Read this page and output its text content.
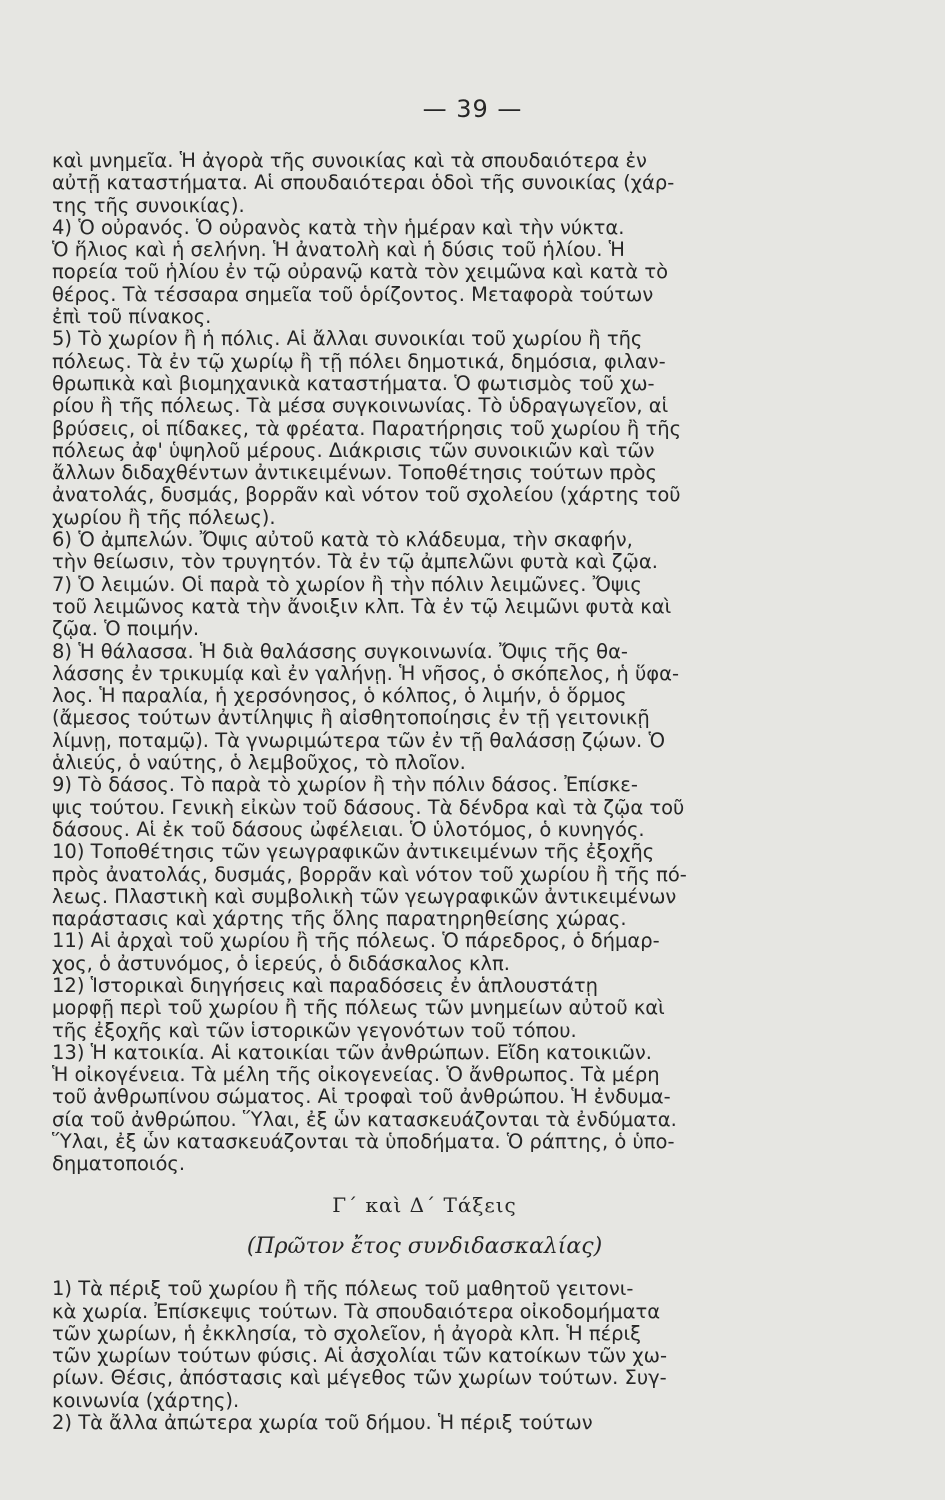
— 39 —
καὶ μνημεῖα. Ἡ ἀγορὰ τῆς συνοικίας καὶ τὰ σπουδαιότερα ἐν
αὐτῇ καταστήματα. Αἱ σπουδαιότεραι ὁδοὶ τῆς συνοικίας (χάρ-
της τῆς συνοικίας).
4) Ὁ οὐρανός. Ὁ οὐρανὸς κατὰ τὴν ἡμέραν καὶ τὴν νύκτα.
Ὁ ἥλιος καὶ ἡ σελήνη. Ἡ ἀνατολὴ καὶ ἡ δύσις τοῦ ἡλίου. Ἡ
πορεία τοῦ ἡλίου ἐν τῷ οὐρανῷ κατὰ τὸν χειμῶνα καὶ κατὰ τὸ
θέρος. Τὰ τέσσαρα σημεῖα τοῦ ὁρίζοντος. Μεταφορὰ τούτων
ἐπὶ τοῦ πίνακος.
5) Τὸ χωρίον ἢ ἡ πόλις. Αἱ ἄλλαι συνοικίαι τοῦ χωρίου ἢ τῆς
πόλεως. Τὰ ἐν τῷ χωρίῳ ἢ τῇ πόλει δημοτικά, δημόσια, φιλαν-
θρωπικὰ καὶ βιομηχανικὰ καταστήματα. Ὁ φωτισμὸς τοῦ χω-
ρίου ἢ τῆς πόλεως. Τὰ μέσα συγκοινωνίας. Τὸ ὑδραγωγεῖον, αἱ
βρύσεις, οἱ πίδακες, τὰ φρέατα. Παρατήρησις τοῦ χωρίου ἢ τῆς
πόλεως ἀφ' ὑψηλοῦ μέρους. Διάκρισις τῶν συνοικιῶν καὶ τῶν
ἄλλων διδαχθέντων ἀντικειμένων. Τοποθέτησις τούτων πρὸς
ἀνατολάς, δυσμάς, βορρᾶν καὶ νότον τοῦ σχολείου (χάρτης τοῦ
χωρίου ἢ τῆς πόλεως).
6) Ὁ ἀμπελών. Ὄψις αὐτοῦ κατὰ τὸ κλάδευμα, τὴν σκαφήν,
τὴν θείωσιν, τὸν τρυγητόν. Τὰ ἐν τῷ ἀμπελῶνι φυτὰ καὶ ζῷα.
7) Ὁ λειμών. Οἱ παρὰ τὸ χωρίον ἢ τὴν πόλιν λειμῶνες. Ὄψις
τοῦ λειμῶνος κατὰ τὴν ἄνοιξιν κλπ. Τὰ ἐν τῷ λειμῶνι φυτὰ καὶ
ζῷα. Ὁ ποιμήν.
8) Ἡ θάλασσα. Ἡ διὰ θαλάσσης συγκοινωνία. Ὄψις τῆς θα-
λάσσης ἐν τρικυμίᾳ καὶ ἐν γαλήνῃ. Ἡ νῆσος, ὁ σκόπελος, ἡ ὕφα-
λος. Ἡ παραλία, ἡ χερσόνησος, ὁ κόλπος, ὁ λιμήν, ὁ ὅρμος
(ἄμεσος τούτων ἀντίληψις ἢ αἰσθητοποίησις ἐν τῇ γειτονικῇ
λίμνῃ, ποταμῷ). Τὰ γνωριμώτερα τῶν ἐν τῇ θαλάσσῃ ζῴων. Ὁ
ἁλιεύς, ὁ ναύτης, ὁ λεμβοῦχος, τὸ πλοῖον.
9) Τὸ δάσος. Τὸ παρὰ τὸ χωρίον ἢ τὴν πόλιν δάσος. Ἐπίσκε-
ψις τούτου. Γενικὴ εἰκὼν τοῦ δάσους. Τὰ δένδρα καὶ τὰ ζῷα τοῦ
δάσους. Αἱ ἐκ τοῦ δάσους ὠφέλειαι. Ὁ ὑλοτόμος, ὁ κυνηγός.
10) Τοποθέτησις τῶν γεωγραφικῶν ἀντικειμένων τῆς ἐξοχῆς
πρὸς ἀνατολάς, δυσμάς, βορρᾶν καὶ νότον τοῦ χωρίου ἢ τῆς πό-
λεως. Πλαστικὴ καὶ συμβολικὴ τῶν γεωγραφικῶν ἀντικειμένων
παράστασις καὶ χάρτης τῆς ὅλης παρατηρηθείσης χώρας.
11) Αἱ ἀρχαὶ τοῦ χωρίου ἢ τῆς πόλεως. Ὁ πάρεδρος, ὁ δήμαρ-
χος, ὁ ἀστυνόμος, ὁ ἱερεύς, ὁ διδάσκαλος κλπ.
12) Ἱστορικαὶ διηγήσεις καὶ παραδόσεις ἐν ἁπλουστάτῃ
μορφῇ περὶ τοῦ χωρίου ἢ τῆς πόλεως τῶν μνημείων αὐτοῦ καὶ
τῆς ἐξοχῆς καὶ τῶν ἱστορικῶν γεγονότων τοῦ τόπου.
13) Ἡ κατοικία. Αἱ κατοικίαι τῶν ἀνθρώπων. Εἴδη κατοικιῶν.
Ἡ οἰκογένεια. Τὰ μέλη τῆς οἰκογενείας. Ὁ ἄνθρωπος. Τὰ μέρη
τοῦ ἀνθρωπίνου σώματος. Αἱ τροφαὶ τοῦ ἀνθρώπου. Ἡ ἐνδυμα-
σία τοῦ ἀνθρώπου. Ὕλαι, ἐξ ὧν κατασκευάζονται τὰ ἐνδύματα.
Ὕλαι, ἐξ ὧν κατασκευάζονται τὰ ὑποδήματα. Ὁ ράπτης, ὁ ὑπο-
δηματοποιός.
Γ΄ καὶ Δ΄ Τάξεις
(Πρῶτον ἔτος συνδιδασκαλίας)
1) Τὰ πέριξ τοῦ χωρίου ἢ τῆς πόλεως τοῦ μαθητοῦ γειτονι-
κὰ χωρία. Ἐπίσκεψις τούτων. Τὰ σπουδαιότερα οἰκοδομήματα
τῶν χωρίων, ἡ ἐκκλησία, τὸ σχολεῖον, ἡ ἀγορὰ κλπ. Ἡ πέριξ
τῶν χωρίων τούτων φύσις. Αἱ ἀσχολίαι τῶν κατοίκων τῶν χω-
ρίων. Θέσις, ἀπόστασις καὶ μέγεθος τῶν χωρίων τούτων. Συγ-
κοινωνία (χάρτης).
2) Τὰ ἄλλα ἀπώτερα χωρία τοῦ δήμου. Ἡ πέριξ τούτων
